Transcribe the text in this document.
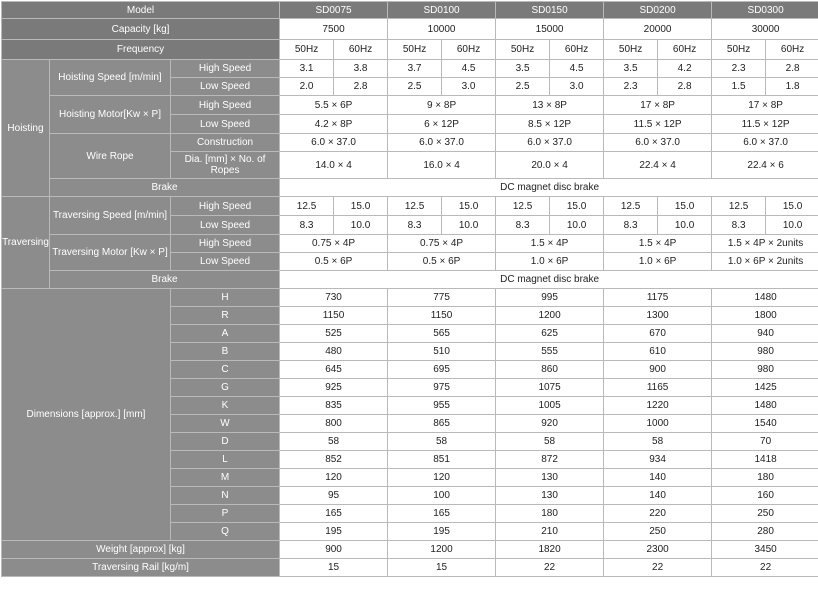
Model			SD0075		SD0100		SD0150		SD0200		SD0300	
Capacity [kg]			7500		10000		15000		20000		30000	
Frequency			50Hz	60Hz	50Hz	60Hz	50Hz	60Hz	50Hz	60Hz	50Hz	60Hz
Hoisting	Hoisting Speed [m/min]	High Speed	3.1	3.8	3.7	4.5	3.5	4.5	3.5	4.2	2.3	2.8
		Low Speed	2.0	2.8	2.5	3.0	2.5	3.0	2.3	2.8	1.5	1.8
	Hoisting Motor[Kw × P]	High Speed	5.5 × 6P		9 × 8P		13 × 8P		17 × 8P		17 × 8P	
		Low Speed	4.2 × 8P		6 × 12P		8.5 × 12P		11.5 × 12P		11.5 × 12P	
	Wire Rope	Construction	6.0 × 37.0		6.0 × 37.0		6.0 × 37.0		6.0 × 37.0		6.0 × 37.0	
		Dia. [mm] × No. of Ropes	14.0 × 4		16.0 × 4		20.0 × 4		22.4 × 4		22.4 × 6	
	Brake		DC magnet disc brake									
Traversing	Traversing Speed [m/min]	High Speed	12.5	15.0	12.5	15.0	12.5	15.0	12.5	15.0	12.5	15.0
		Low Speed	8.3	10.0	8.3	10.0	8.3	10.0	8.3	10.0	8.3	10.0
	Traversing Motor [Kw × P]	High Speed	0.75 × 4P		0.75 × 4P		1.5 × 4P		1.5 × 4P		1.5 × 4P × 2units	
		Low Speed	0.5 × 6P		0.5 × 6P		1.0 × 6P		1.0 × 6P		1.0 × 6P × 2units	
	Brake		DC magnet disc brake									
Dimensions [approx.] [mm]		H	730		775		995		1175		1480	
		R	1150		1150		1200		1300		1800	
		A	525		565		625		670		940	
		B	480		510		555		610		980	
		C	645		695		860		900		980	
		G	925		975		1075		1165		1425	
		K	835		955		1005		1220		1480	
		W	800		865		920		1000		1540	
		D	58		58		58		58		70	
		L	852		851		872		934		1418	
		M	120		120		130		140		180	
		N	95		100		130		140		160	
		P	165		165		180		220		250	
		Q	195		195		210		250		280	
Weight [approx] [kg]			900		1200		1820		2300		3450	
Traversing Rail [kg/m]			15		15		22		22		22	
